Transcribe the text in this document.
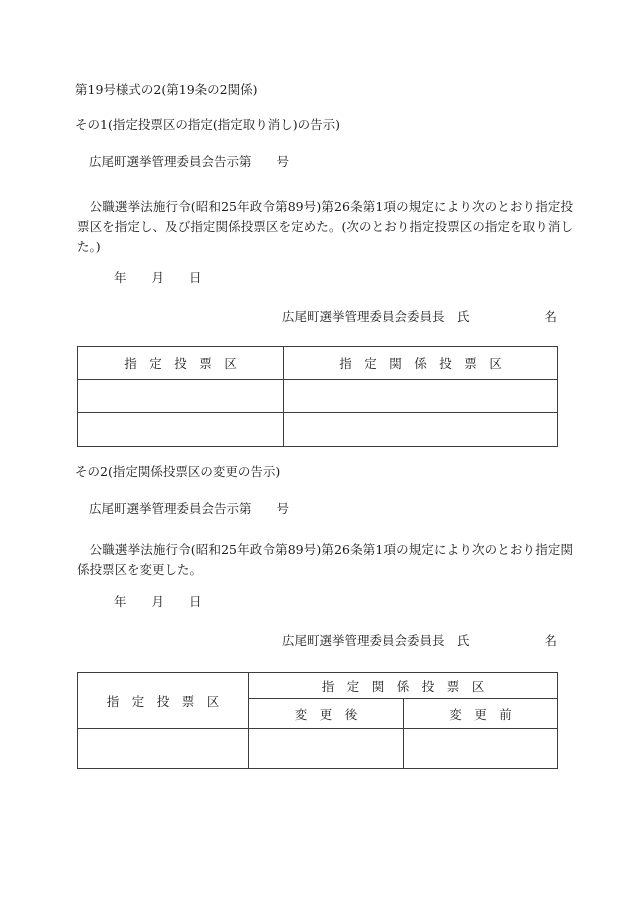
第19号様式の2(第19条の2関係)
その1(指定投票区の指定(指定取り消し)の告示)
広尾町選挙管理委員会告示第　　号
　公職選挙法施行令(昭和25年政令第89号)第26条第1項の規定により次のとおり指定投票区を指定し、及び指定関係投票区を定めた。(次のとおり指定投票区の指定を取り消した。)
年　　月　　日
広尾町選挙管理委員会委員長　氏　　　　　　名
指　定　投　票　区	指　定　関　係　投　票　区

その2(指定関係投票区の変更の告示)
広尾町選挙管理委員会告示第　　号
　公職選挙法施行令(昭和25年政令第89号)第26条第1項の規定により次のとおり指定関係投票区を変更した。
年　　月　　日
広尾町選挙管理委員会委員長　氏　　　　　　名
指　定　投　票　区	指　定　関　係　投　票　区	
	変　更　後	変　更　前
